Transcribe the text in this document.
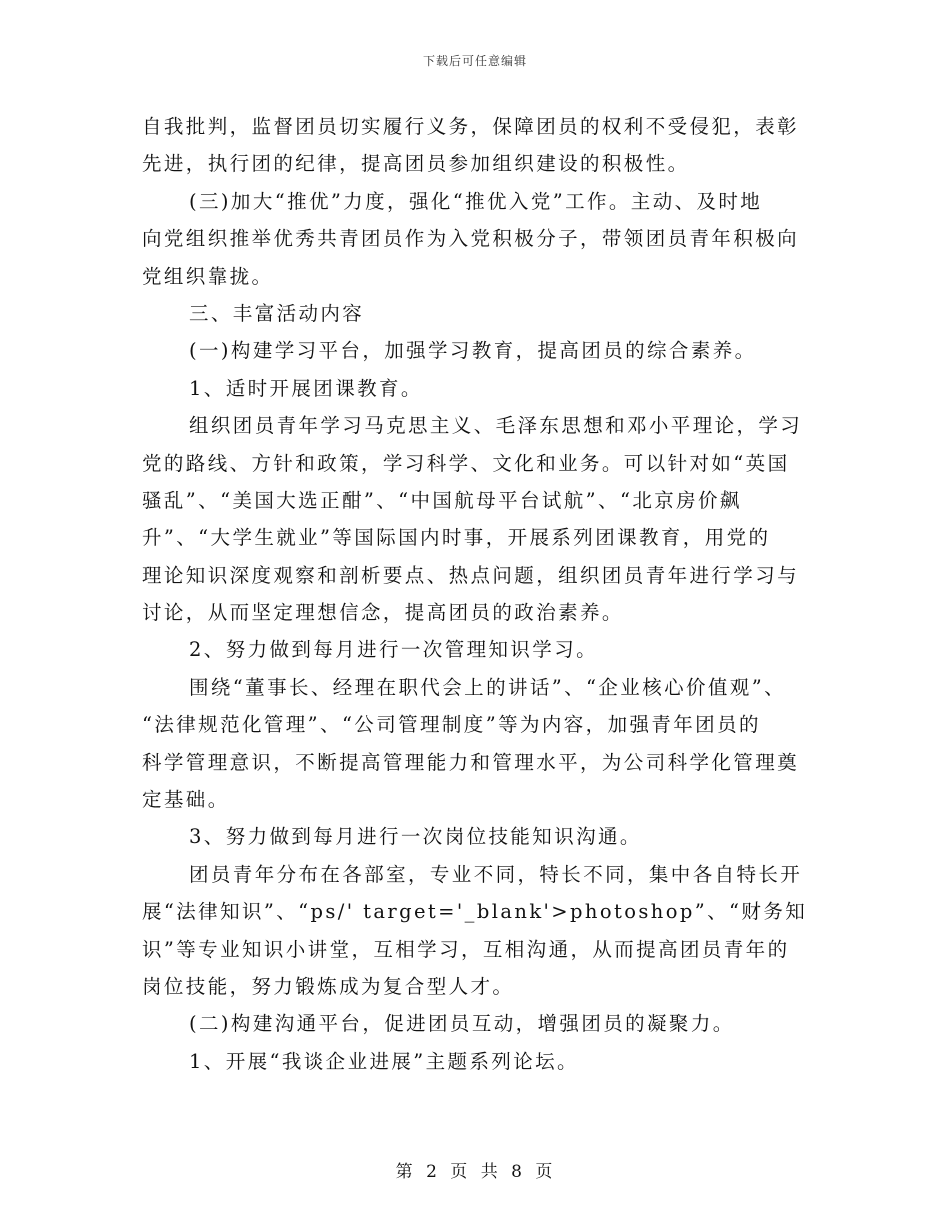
下载后可任意编辑
自我批判，监督团员切实履行义务，保障团员的权利不受侵犯，表彰
先进，执行团的纪律，提高团员参加组织建设的积极性。
(三)加大“推优”力度，强化“推优入党”工作。主动、及时地
向党组织推举优秀共青团员作为入党积极分子，带领团员青年积极向
党组织靠拢。
三、丰富活动内容
(一)构建学习平台，加强学习教育，提高团员的综合素养。
1、适时开展团课教育。
组织团员青年学习马克思主义、毛泽东思想和邓小平理论，学习
党的路线、方针和政策，学习科学、文化和业务。可以针对如“英国
骚乱”、“美国大选正酣”、“中国航母平台试航”、“北京房价飙
升”、“大学生就业”等国际国内时事，开展系列团课教育，用党的
理论知识深度观察和剖析要点、热点问题，组织团员青年进行学习与
讨论，从而坚定理想信念，提高团员的政治素养。
2、努力做到每月进行一次管理知识学习。
围绕“董事长、经理在职代会上的讲话”、“企业核心价值观”、
“法律规范化管理”、“公司管理制度”等为内容，加强青年团员的
科学管理意识，不断提高管理能力和管理水平，为公司科学化管理奠
定基础。
3、努力做到每月进行一次岗位技能知识沟通。
团员青年分布在各部室，专业不同，特长不同，集中各自特长开
展“法律知识”、“ps/' target='_blank'>photoshop”、“财务知
识”等专业知识小讲堂，互相学习，互相沟通，从而提高团员青年的
岗位技能，努力锻炼成为复合型人才。
(二)构建沟通平台，促进团员互动，增强团员的凝聚力。
1、开展“我谈企业进展”主题系列论坛。
第 2 页 共 8 页
